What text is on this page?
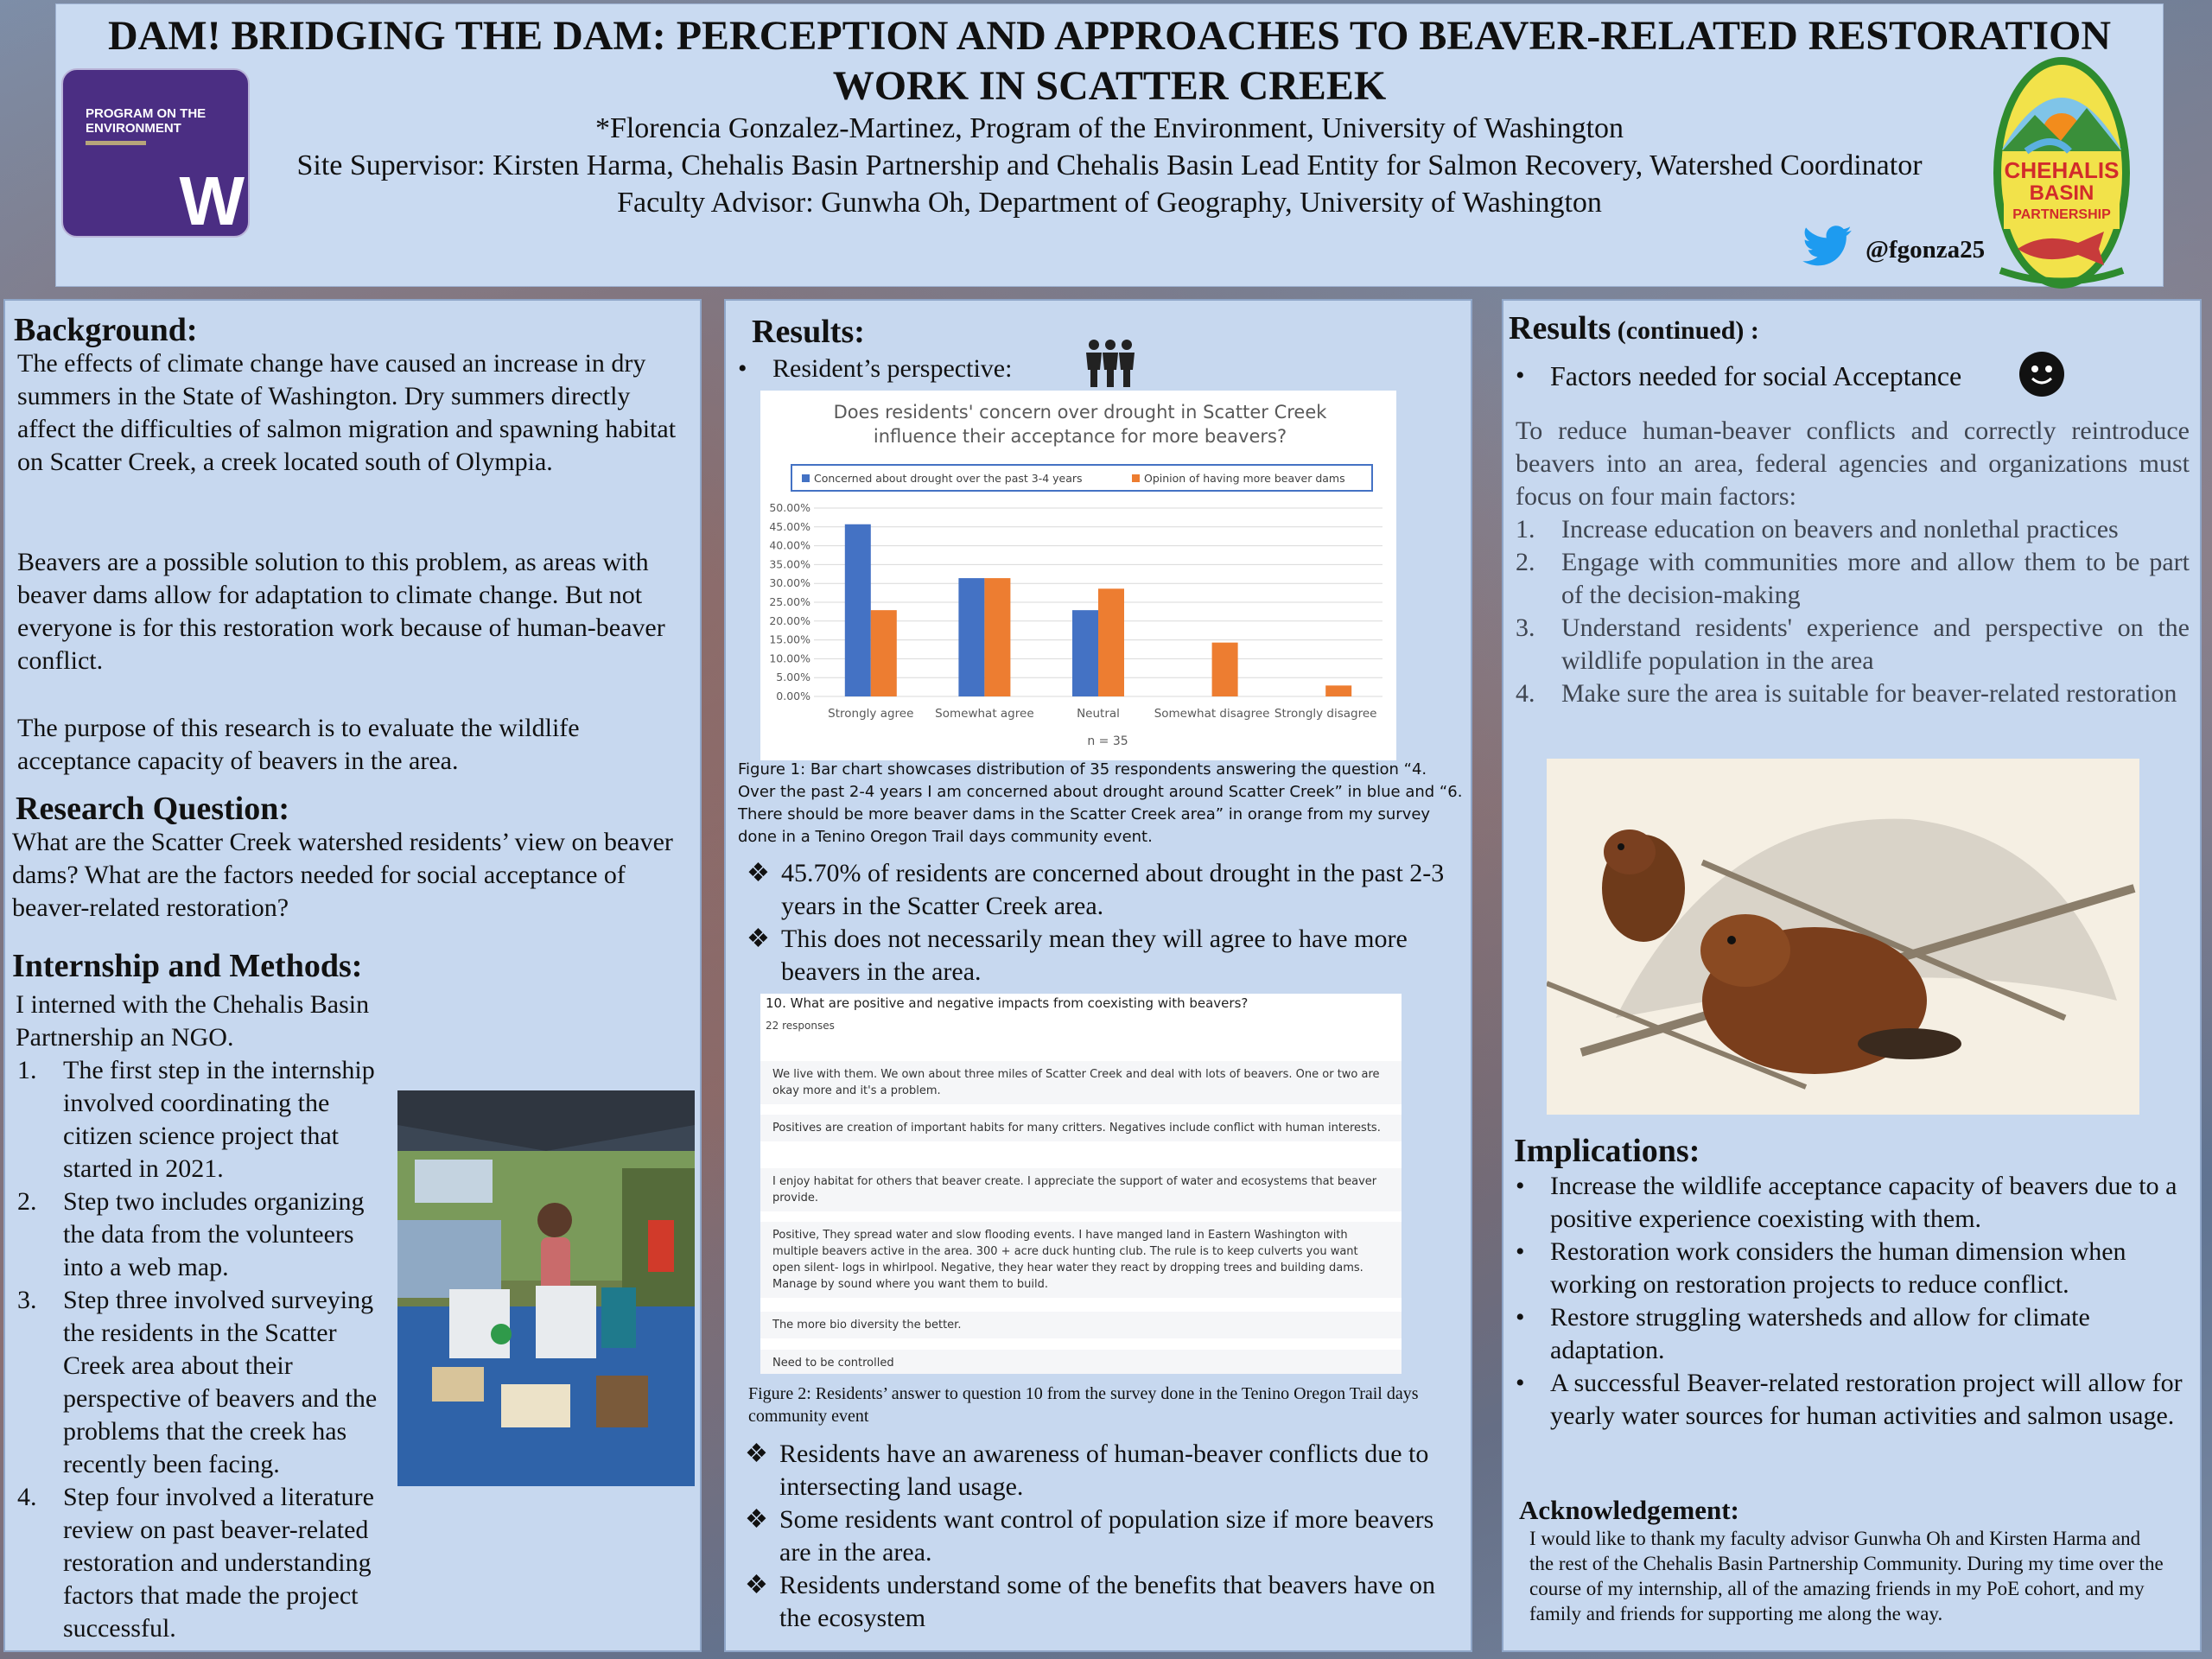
DAM! BRIDGING THE DAM: PERCEPTION AND APPROACHES TO BEAVER-RELATED RESTORATION
WORK IN SCATTER CREEK
*Florencia Gonzalez-Martinez, Program of the Environment, University of Washington
Site Supervisor: Kirsten Harma, Chehalis Basin Partnership and Chehalis Basin Lead Entity for Salmon Recovery, Watershed Coordinator
Faculty Advisor: Gunwha Oh, Department of Geography, University of Washington
PROGRAM ON THE
ENVIRONMENT
W
@fgonza25
CHEHALIS
BASIN
PARTNERSHIP
Background:
The effects of climate change have caused an increase in dry summers in the State of Washington. Dry summers directly affect the difficulties of salmon migration and spawning habitat on Scatter Creek, a creek located south of Olympia.
Beavers are a possible solution to this problem, as areas with beaver dams allow for adaptation to climate change. But not everyone is for this restoration work because of human-beaver conflict.
The purpose of this research is to evaluate the wildlife acceptance capacity of beavers in the area.
Research Question:
What are the Scatter Creek watershed residents’ view on beaver dams? What are the factors needed for social acceptance of beaver-related restoration?
Internship and Methods:
I interned with the Chehalis Basin Partnership an NGO.
1. The first step in the internship involved coordinating the citizen science project that started in 2021.
2. Step two includes organizing the data from the volunteers into a web map.
3. Step three involved surveying the residents in the Scatter Creek area about their perspective of beavers and the problems that the creek has recently been facing.
4. Step four involved a literature review on past beaver-related restoration and understanding factors that made the project successful.
Results:
• Resident’s perspective:
Does residents' concern over drought in Scatter Creek
influence their acceptance for more beavers?
Concerned about drought over the past 3-4 years	Opinion of having more beaver dams
0.00%
5.00%
10.00%
15.00%
20.00%
25.00%
30.00%
35.00%
40.00%
45.00%
50.00%
Strongly agree Somewhat agree	Neutral	Somewhat disagree Strongly disagree
n = 35
Figure 1: Bar chart showcases distribution of 35 respondents answering the question “4. Over the past 2-4 years I am concerned about drought around Scatter Creek” in blue and “6. There should be more beaver dams in the Scatter Creek area” in orange from my survey done in a Tenino Oregon Trail days community event.
❖ 45.70% of residents are concerned about drought in the past 2-3 years in the Scatter Creek area.
❖ This does not necessarily mean they will agree to have more beavers in the area.
10. What are positive and negative impacts from coexisting with beavers?
22 responses
We live with them. We own about three miles of Scatter Creek and deal with lots of beavers. One or two are okay more and it's a problem.
Positives are creation of important habits for many critters. Negatives include conflict with human interests.
I enjoy habitat for others that beaver create. I appreciate the support of water and ecosystems that beaver provide.
Positive, They spread water and slow flooding events. I have manged land in Eastern Washington with multiple beavers active in the area. 300 + acre duck hunting club. The rule is to keep culverts you want open silent- logs in whirlpool. Negative, they hear water they react by dropping trees and building dams. Manage by sound where you want them to build.
The more bio diversity the better.
Need to be controlled
Figure 2: Residents’ answer to question 10 from the survey done in the Tenino Oregon Trail days community event
❖ Residents have an awareness of human-beaver conflicts due to intersecting land usage.
❖ Some residents want control of population size if more beavers are in the area.
❖ Residents understand some of the benefits that beavers have on the ecosystem
Results (continued) :
• Factors needed for social Acceptance
To reduce human-beaver conflicts and correctly reintroduce beavers into an area, federal agencies and organizations must focus on four main factors:
1. Increase education on beavers and nonlethal practices
2. Engage with communities more and allow them to be part of the decision-making
3. Understand residents' experience and perspective on the wildlife population in the area
4. Make sure the area is suitable for beaver-related restoration
Implications:
• Increase the wildlife acceptance capacity of beavers due to a positive experience coexisting with them.
• Restoration work considers the human dimension when working on restoration projects to reduce conflict.
• Restore struggling watersheds and allow for climate adaptation.
• A successful Beaver-related restoration project will allow for yearly water sources for human activities and salmon usage.
Acknowledgement:
I would like to thank my faculty advisor Gunwha Oh and Kirsten Harma and the rest of the Chehalis Basin Partnership Community. During my time over the course of my internship, all of the amazing friends in my PoE cohort, and my family and friends for supporting me along the way.
